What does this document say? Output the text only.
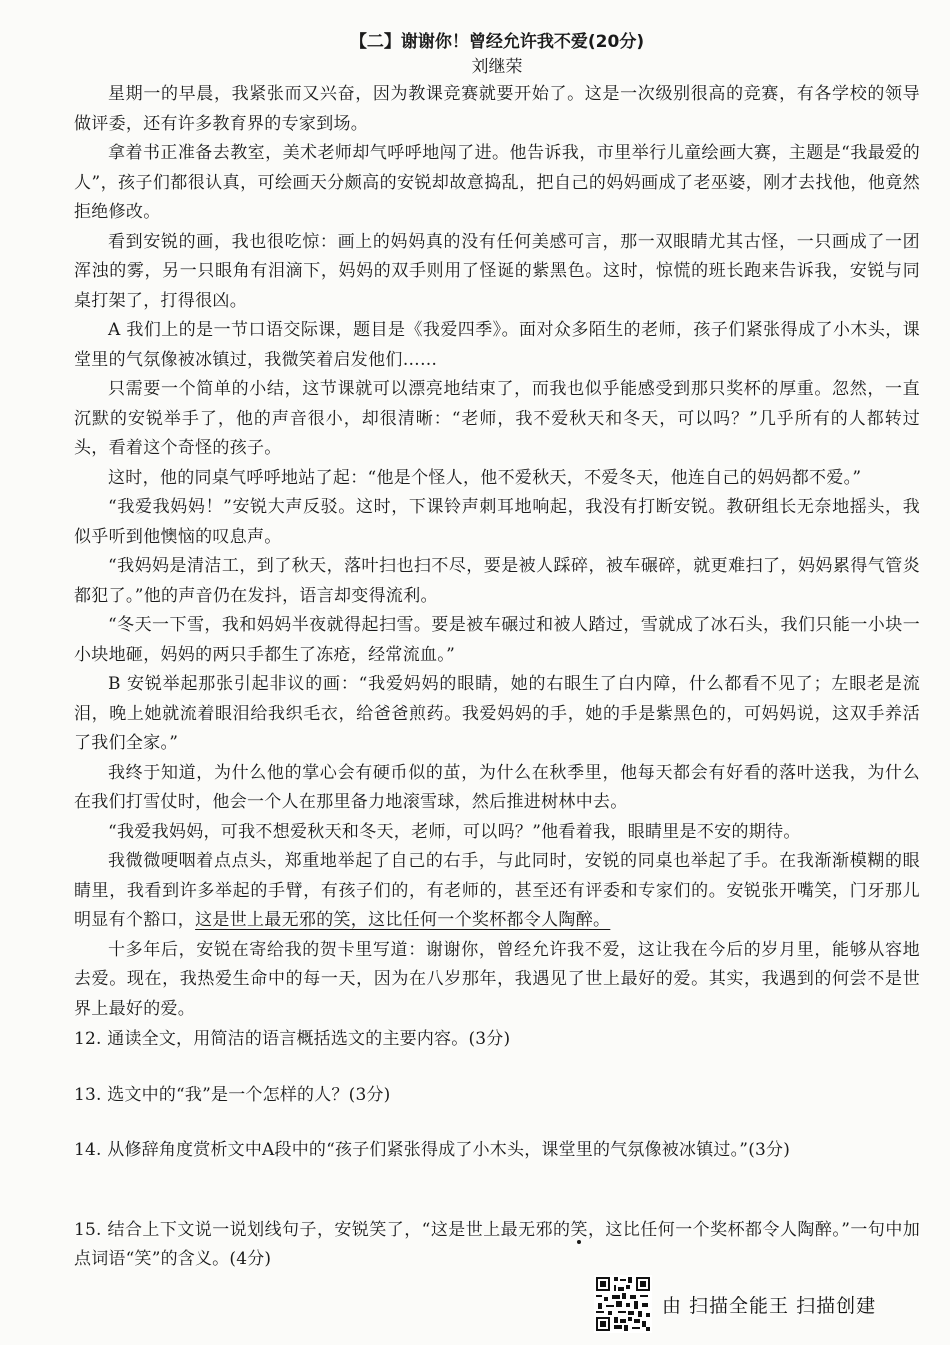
【二】谢谢你！曾经允许我不爱(20分)
刘继荣

星期一的早晨，我紧张而又兴奋，因为教课竞赛就要开始了。这是一次级别很高的竞赛，有各学校的领导做评委，还有许多教育界的专家到场。

拿着书正准备去教室，美术老师却气呼呼地闯了进。他告诉我，市里举行儿童绘画大赛，主题是“我最爱的人”，孩子们都很认真，可绘画天分颇高的安锐却故意捣乱，把自己的妈妈画成了老巫婆，刚才去找他，他竟然拒绝修改。

看到安锐的画，我也很吃惊：画上的妈妈真的没有任何美感可言，那一双眼睛尤其古怪，一只画成了一团浑浊的雾，另一只眼角有泪滴下，妈妈的双手则用了怪诞的紫黑色。这时，惊慌的班长跑来告诉我，安锐与同桌打架了，打得很凶。

A 我们上的是一节口语交际课，题目是《我爱四季》。面对众多陌生的老师，孩子们紧张得成了小木头，课堂里的气氛像被冰镇过，我微笑着启发他们……

只需要一个简单的小结，这节课就可以漂亮地结束了，而我也似乎能感受到那只奖杯的厚重。忽然，一直沉默的安锐举手了，他的声音很小，却很清晰：“老师，我不爱秋天和冬天，可以吗？”几乎所有的人都转过头，看着这个奇怪的孩子。

这时，他的同桌气呼呼地站了起：“他是个怪人，他不爱秋天，不爱冬天，他连自己的妈妈都不爱。”

“我爱我妈妈！”安锐大声反驳。这时，下课铃声刺耳地响起，我没有打断安锐。教研组长无奈地摇头，我似乎听到他懊恼的叹息声。

“我妈妈是清洁工，到了秋天，落叶扫也扫不尽，要是被人踩碎，被车碾碎，就更难扫了，妈妈累得气管炎都犯了。”他的声音仍在发抖，语言却变得流利。

“冬天一下雪，我和妈妈半夜就得起扫雪。要是被车碾过和被人踏过，雪就成了冰石头，我们只能一小块一小块地砸，妈妈的两只手都生了冻疮，经常流血。”

B 安锐举起那张引起非议的画：“我爱妈妈的眼睛，她的右眼生了白内障，什么都看不见了；左眼老是流泪，晚上她就流着眼泪给我织毛衣，给爸爸煎药。我爱妈妈的手，她的手是紫黑色的，可妈妈说，这双手养活了我们全家。”

我终于知道，为什么他的掌心会有硬币似的茧，为什么在秋季里，他每天都会有好看的落叶送我，为什么在我们打雪仗时，他会一个人在那里备力地滚雪球，然后推进树林中去。

“我爱我妈妈，可我不想爱秋天和冬天，老师，可以吗？”他看着我，眼睛里是不安的期待。

我微微哽咽着点点头，郑重地举起了自己的右手，与此同时，安锐的同桌也举起了手。在我渐渐模糊的眼睛里，我看到许多举起的手臂，有孩子们的，有老师的，甚至还有评委和专家们的。安锐张开嘴笑，门牙那儿明显有个豁口，这是世上最无邪的笑，这比任何一个奖杯都令人陶醉。

十多年后，安锐在寄给我的贺卡里写道：谢谢你，曾经允许我不爱，这让我在今后的岁月里，能够从容地去爱。现在，我热爱生命中的每一天，因为在八岁那年，我遇见了世上最好的爱。其实，我遇到的何尝不是世界上最好的爱。

12. 通读全文，用简洁的语言概括选文的主要内容。(3分)

13. 选文中的“我”是一个怎样的人？(3分)

14. 从修辞角度赏析文中A段中的“孩子们紧张得成了小木头，课堂里的气氛像被冰镇过。”(3分)

15. 结合上下文说一说划线句子，安锐笑了，“这是世上最无邪的笑，这比任何一个奖杯都令人陶醉。”一句中加点词语“笑”的含义。(4分)

由 扫描全能王 扫描创建
